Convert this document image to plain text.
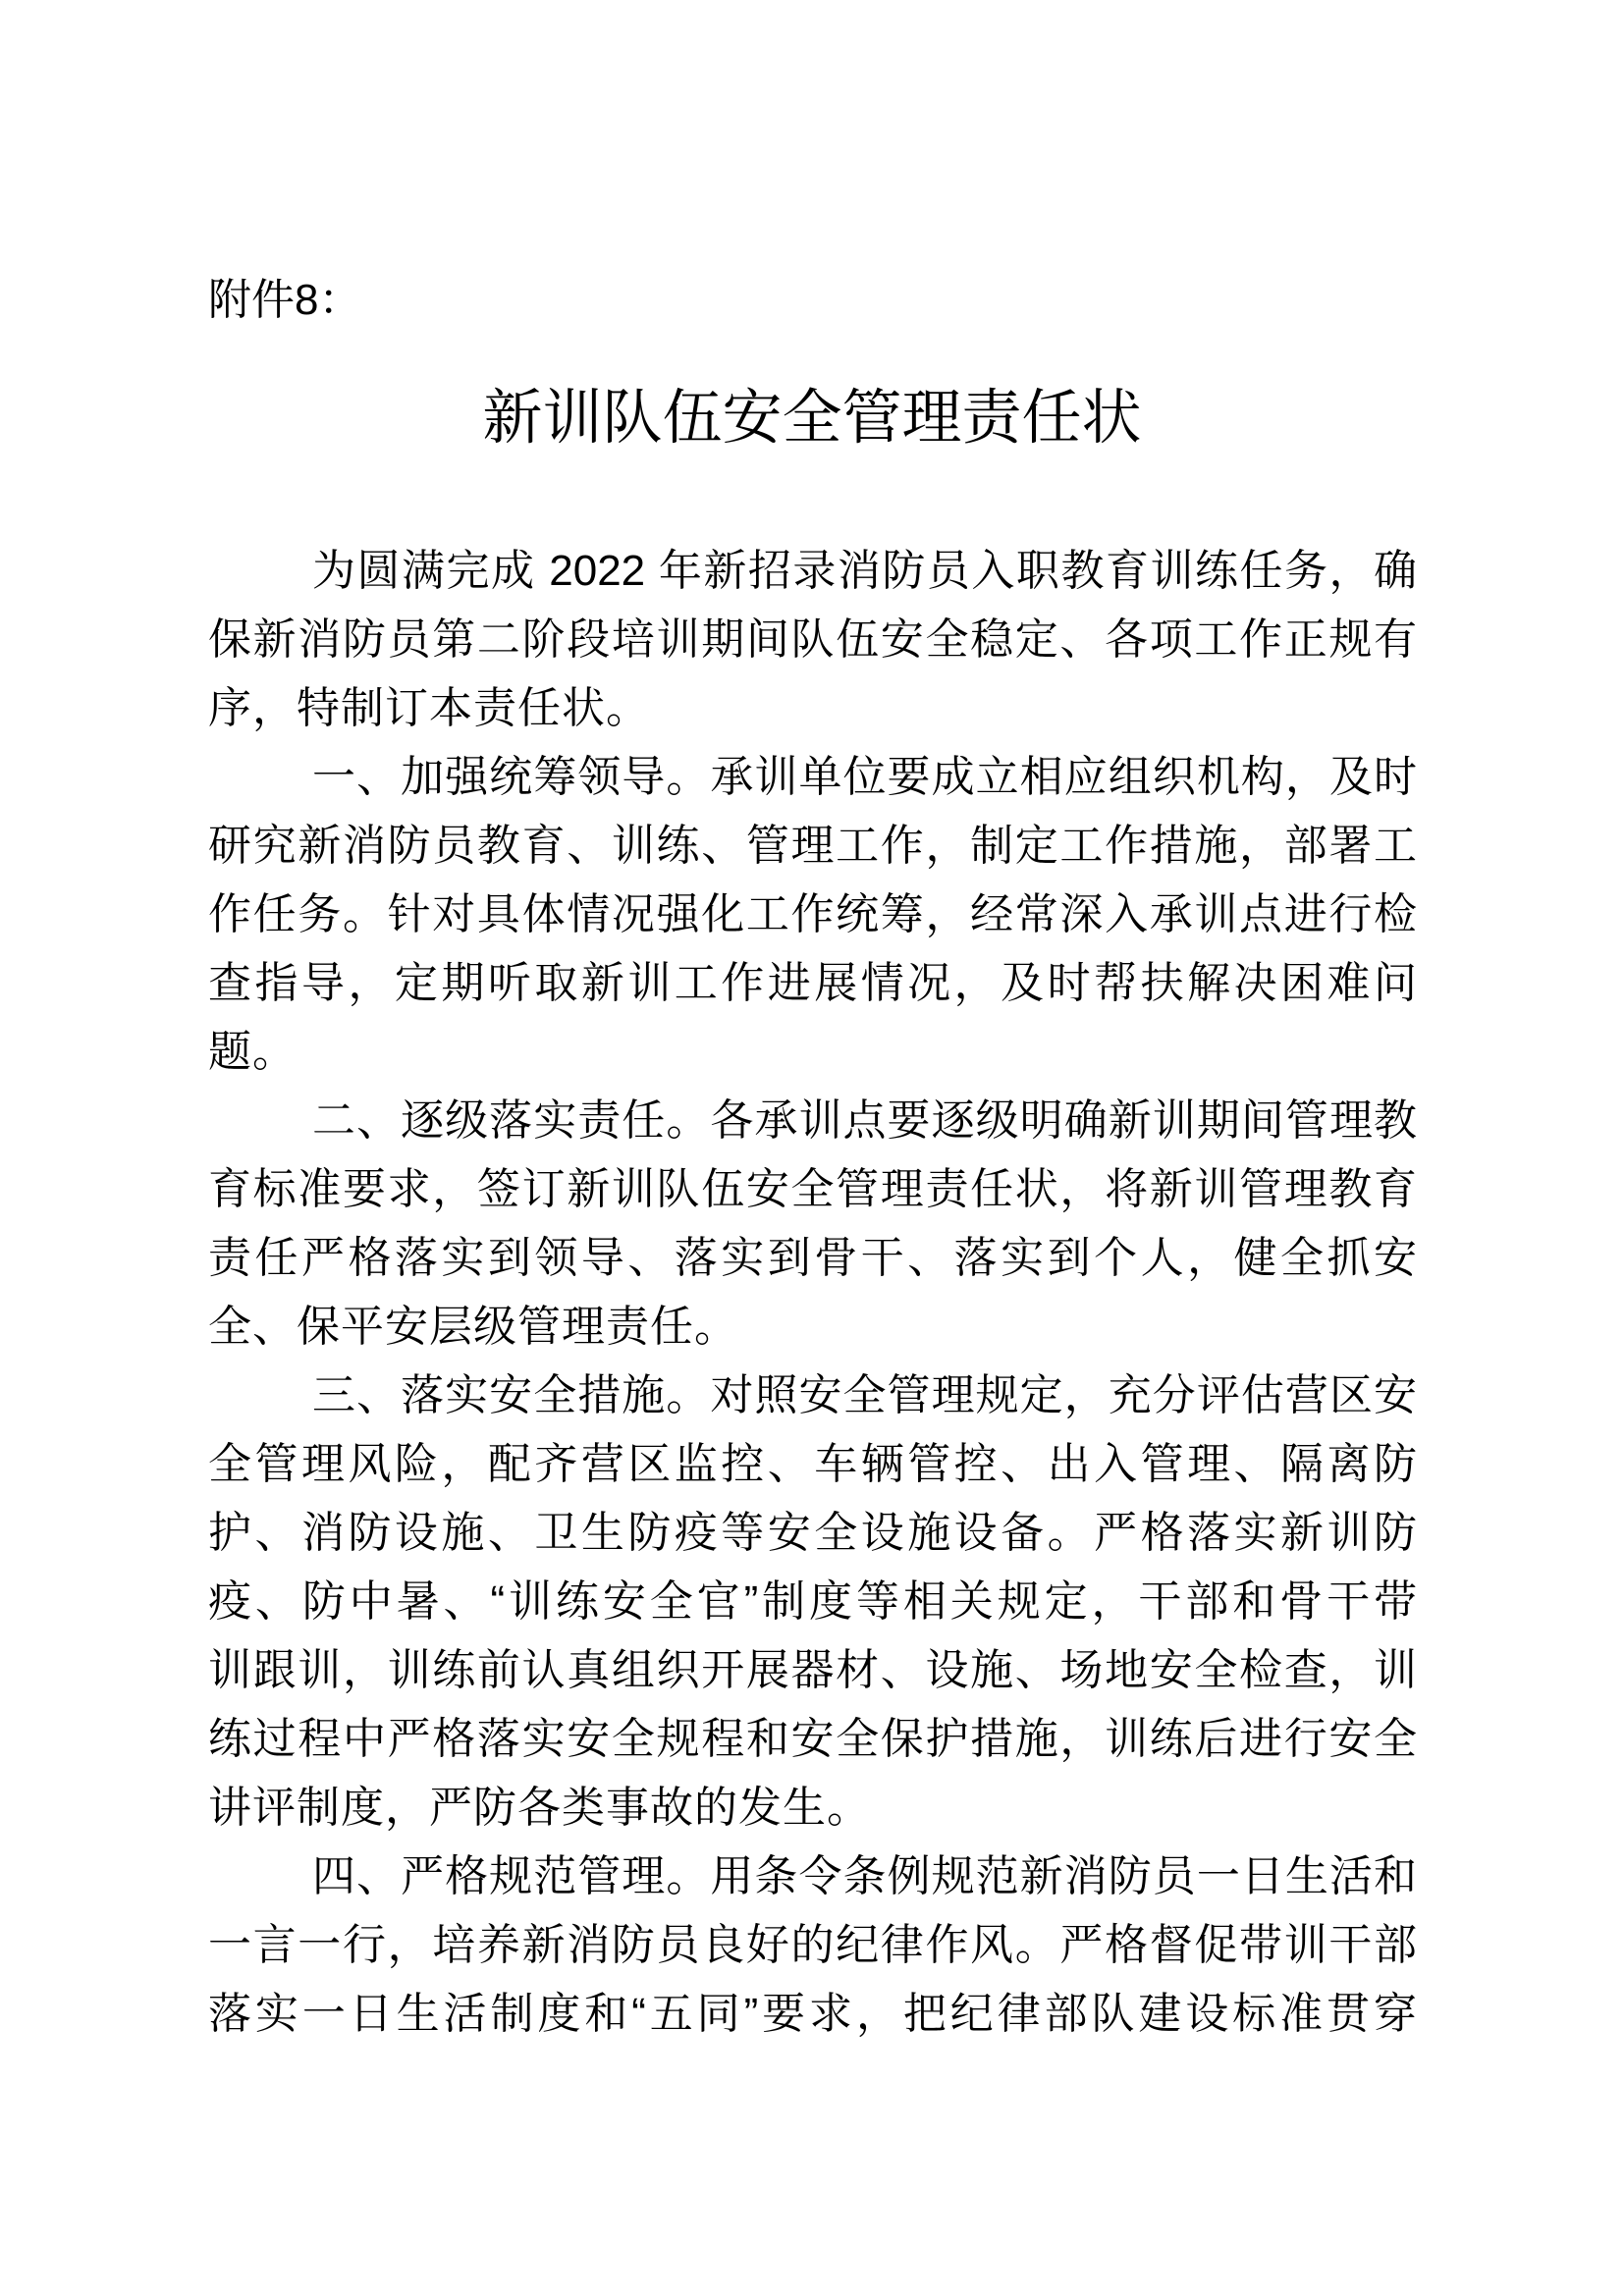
附件8：
新训队伍安全管理责任状
为圆满完成 2022 年新招录消防员入职教育训练任务，确
保新消防员第二阶段培训期间队伍安全稳定、各项工作正规有
序，特制订本责任状。
一、加强统筹领导。承训单位要成立相应组织机构，及时
研究新消防员教育、训练、管理工作，制定工作措施，部署工
作任务。针对具体情况强化工作统筹，经常深入承训点进行检
查指导，定期听取新训工作进展情况，及时帮扶解决困难问
题。
二、逐级落实责任。各承训点要逐级明确新训期间管理教
育标准要求，签订新训队伍安全管理责任状，将新训管理教育
责任严格落实到领导、落实到骨干、落实到个人，健全抓安
全、保平安层级管理责任。
三、落实安全措施。对照安全管理规定，充分评估营区安
全管理风险，配齐营区监控、车辆管控、出入管理、隔离防
护、消防设施、卫生防疫等安全设施设备。严格落实新训防
疫、防中暑、“训练安全官”制度等相关规定，干部和骨干带
训跟训，训练前认真组织开展器材、设施、场地安全检查，训
练过程中严格落实安全规程和安全保护措施，训练后进行安全
讲评制度，严防各类事故的发生。
四、严格规范管理。用条令条例规范新消防员一日生活和
一言一行，培养新消防员良好的纪律作风。严格督促带训干部
落实一日生活制度和“五同”要求，把纪律部队建设标准贯穿
